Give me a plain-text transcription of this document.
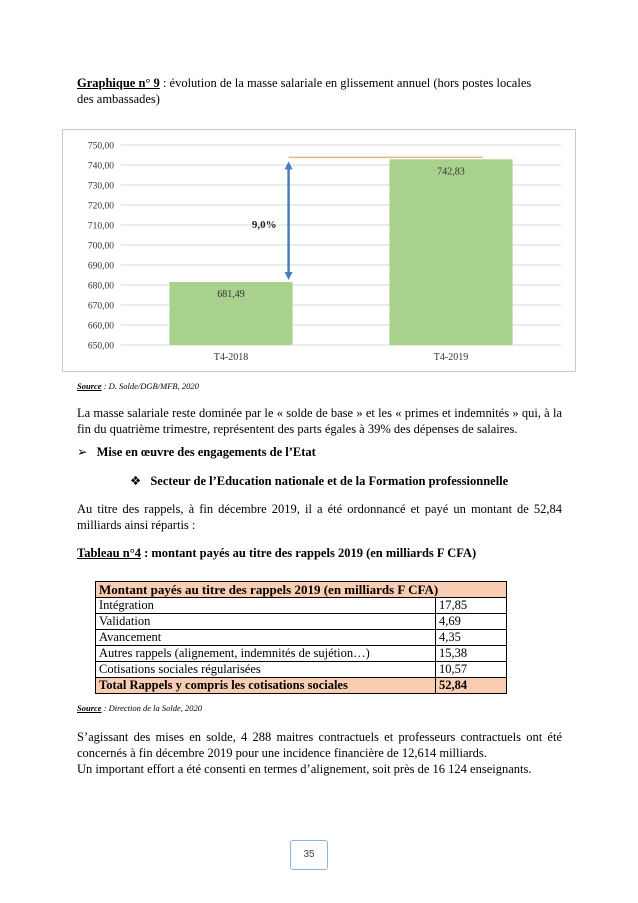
Graphique n° 9 : évolution de la masse salariale en glissement annuel (hors postes locales
des ambassades)
650,00
660,00
670,00
680,00
690,00
700,00
710,00
720,00
730,00
740,00
750,00
681,49
T4-2018
742,83
T4-2019
9,0%
Source : D. Solde/DGB/MFB, 2020
La masse salariale reste dominée par le « solde de base » et les « primes et indemnités » qui, à la fin du quatrième trimestre, représentent des parts égales à 39% des dépenses de salaires.
➢ Mise en œuvre des engagements de l’Etat
❖ Secteur de l’Education nationale et de la Formation professionnelle
Au titre des rappels, à fin décembre 2019, il a été ordonnancé et payé un montant de 52,84 milliards ainsi répartis :
Tableau n°4 : montant payés au titre des rappels 2019 (en milliards F CFA)
Montant payés au titre des rappels 2019 (en milliards F CFA)	
Intégration	17,85
Validation	4,69
Avancement	4,35
Autres rappels (alignement, indemnités de sujétion…)	15,38
Cotisations sociales régularisées	10,57
Total Rappels y compris les cotisations sociales	52,84
Source : Direction de la Solde, 2020
S’agissant des mises en solde, 4 288 maitres contractuels et professeurs contractuels ont été concernés à fin décembre 2019 pour une incidence financière de 12,614 milliards.
Un important effort a été consenti en termes d’alignement, soit près de 16 124 enseignants.
35
